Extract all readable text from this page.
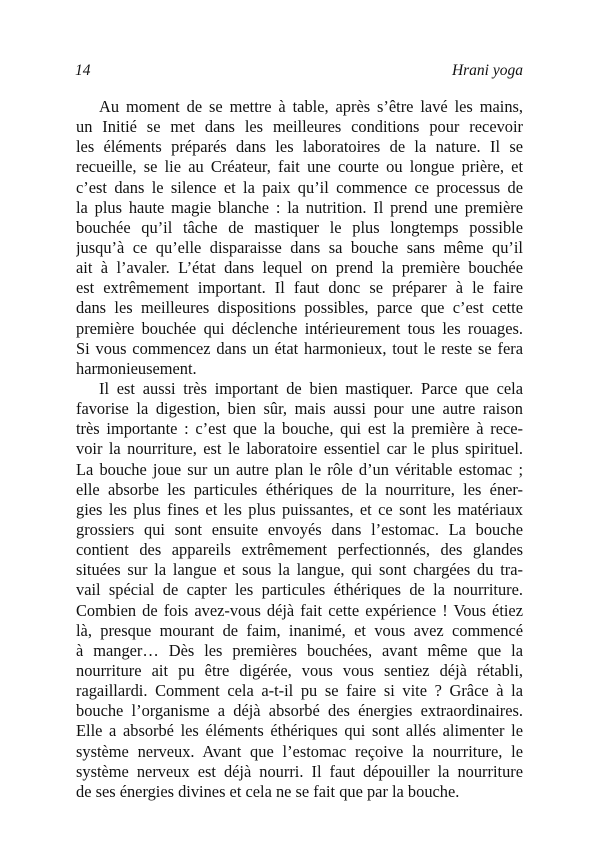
14	Hrani yoga
Au moment de se mettre à table, après s’être lavé les mains,
un Initié se met dans les meilleures conditions pour recevoir
les éléments préparés dans les laboratoires de la nature. Il se
recueille, se lie au Créateur, fait une courte ou longue prière, et
c’est dans le silence et la paix qu’il commence ce processus de
la plus haute magie blanche : la nutrition. Il prend une première
bouchée qu’il tâche de mastiquer le plus longtemps possible
jusqu’à ce qu’elle disparaisse dans sa bouche sans même qu’il
ait à l’avaler. L’état dans lequel on prend la première bouchée
est extrêmement important. Il faut donc se préparer à le faire
dans les meilleures dispositions possibles, parce que c’est cette
première bouchée qui déclenche intérieurement tous les rouages.
Si vous commencez dans un état harmonieux, tout le reste se fera
harmonieusement.
Il est aussi très important de bien mastiquer. Parce que cela
favorise la digestion, bien sûr, mais aussi pour une autre raison
très importante : c’est que la bouche, qui est la première à rece-
voir la nourriture, est le laboratoire essentiel car le plus spirituel.
La bouche joue sur un autre plan le rôle d’un véritable estomac ;
elle absorbe les particules éthériques de la nourriture, les éner-
gies les plus fines et les plus puissantes, et ce sont les matériaux
grossiers qui sont ensuite envoyés dans l’estomac. La bouche
contient des appareils extrêmement perfectionnés, des glandes
situées sur la langue et sous la langue, qui sont chargées du tra-
vail spécial de capter les particules éthériques de la nourriture.
Combien de fois avez-vous déjà fait cette expérience ! Vous étiez
là, presque mourant de faim, inanimé, et vous avez commencé
à manger… Dès les premières bouchées, avant même que la
nourriture ait pu être digérée, vous vous sentiez déjà rétabli,
ragaillardi. Comment cela a-t-il pu se faire si vite ? Grâce à la
bouche l’organisme a déjà absorbé des énergies extraordinaires.
Elle a absorbé les éléments éthériques qui sont allés alimenter le
système nerveux. Avant que l’estomac reçoive la nourriture, le
système nerveux est déjà nourri. Il faut dépouiller la nourriture
de ses énergies divines et cela ne se fait que par la bouche.
